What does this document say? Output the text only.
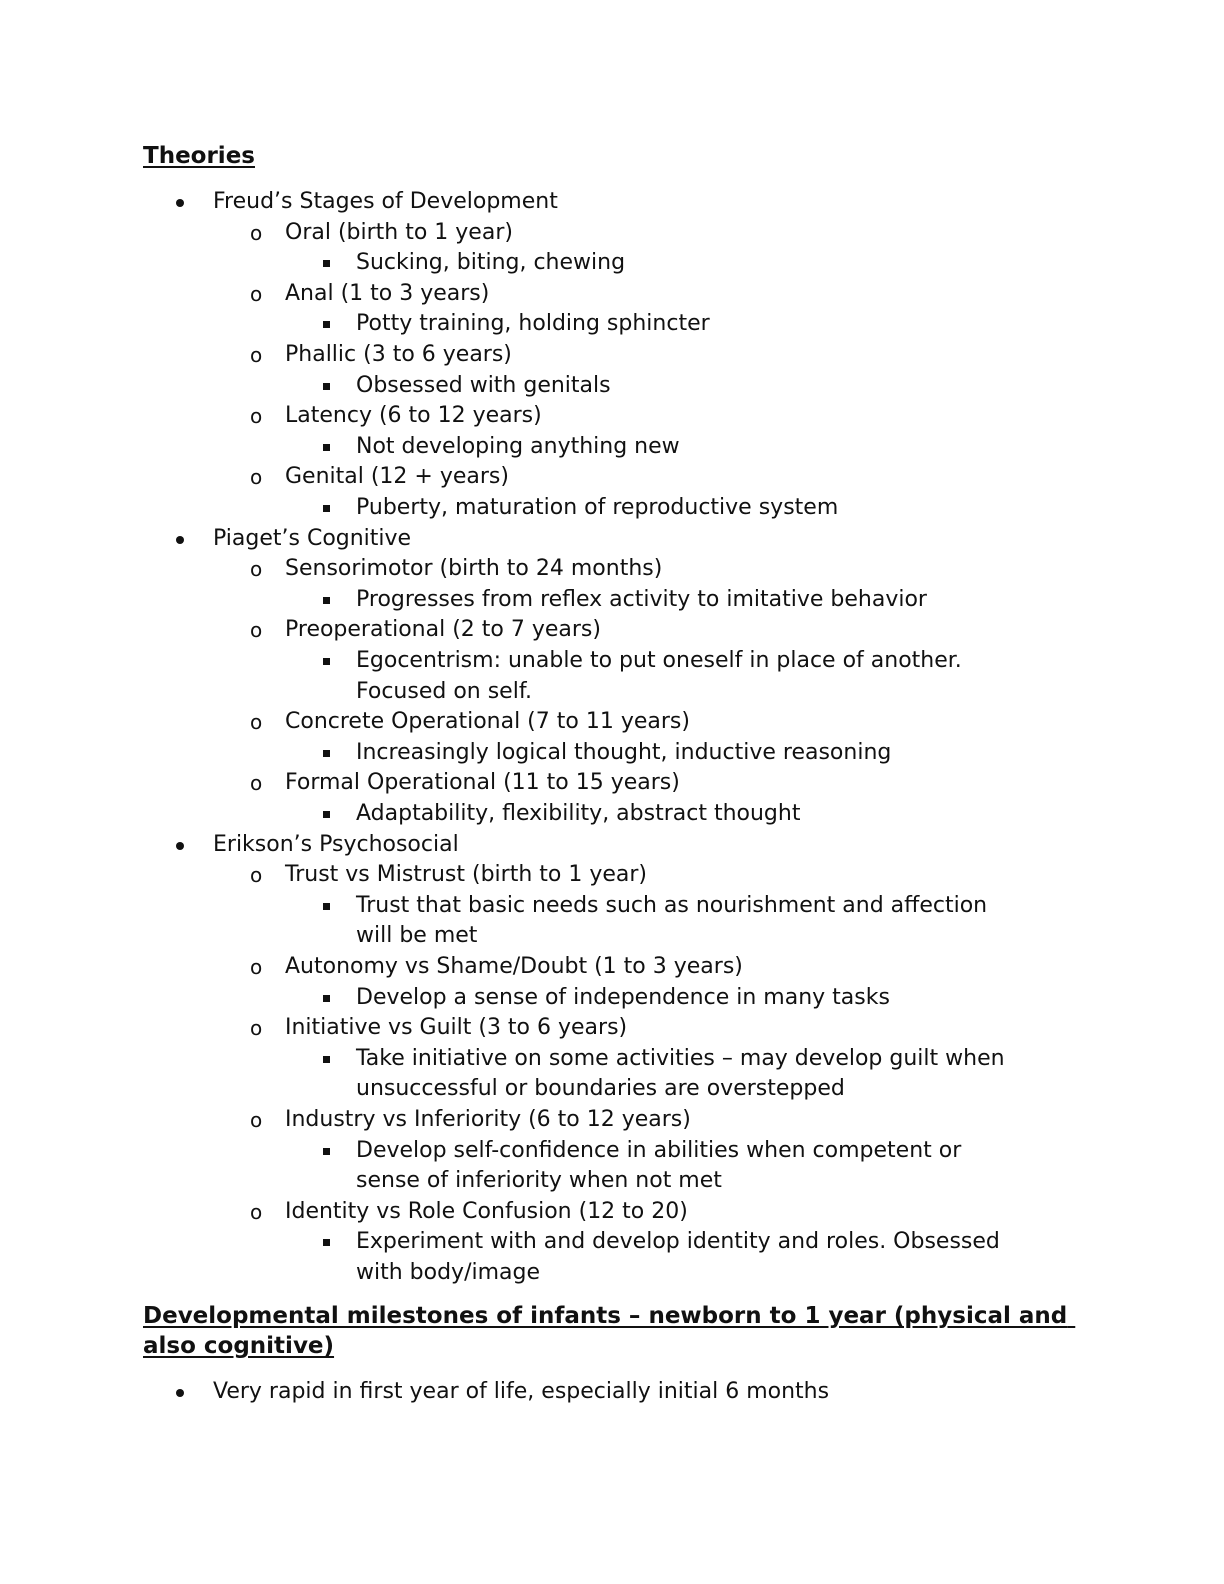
Theories
Freud’s Stages of Development
o Oral (birth to 1 year)
Sucking, biting, chewing
o Anal (1 to 3 years)
Potty training, holding sphincter
o Phallic (3 to 6 years)
Obsessed with genitals
o Latency (6 to 12 years)
Not developing anything new
o Genital (12 + years)
Puberty, maturation of reproductive system
Piaget’s Cognitive
o Sensorimotor (birth to 24 months)
Progresses from reflex activity to imitative behavior
o Preoperational (2 to 7 years)
Egocentrism: unable to put oneself in place of another.
Focused on self.
o Concrete Operational (7 to 11 years)
Increasingly logical thought, inductive reasoning
o Formal Operational (11 to 15 years)
Adaptability, flexibility, abstract thought
Erikson’s Psychosocial
o Trust vs Mistrust (birth to 1 year)
Trust that basic needs such as nourishment and affection
will be met
o Autonomy vs Shame/Doubt (1 to 3 years)
Develop a sense of independence in many tasks
o Initiative vs Guilt (3 to 6 years)
Take initiative on some activities – may develop guilt when
unsuccessful or boundaries are overstepped
o Industry vs Inferiority (6 to 12 years)
Develop self-confidence in abilities when competent or
sense of inferiority when not met
o Identity vs Role Confusion (12 to 20)
Experiment with and develop identity and roles. Obsessed
with body/image
Developmental milestones of infants – newborn to 1 year (physical and also cognitive)
Very rapid in first year of life, especially initial 6 months
